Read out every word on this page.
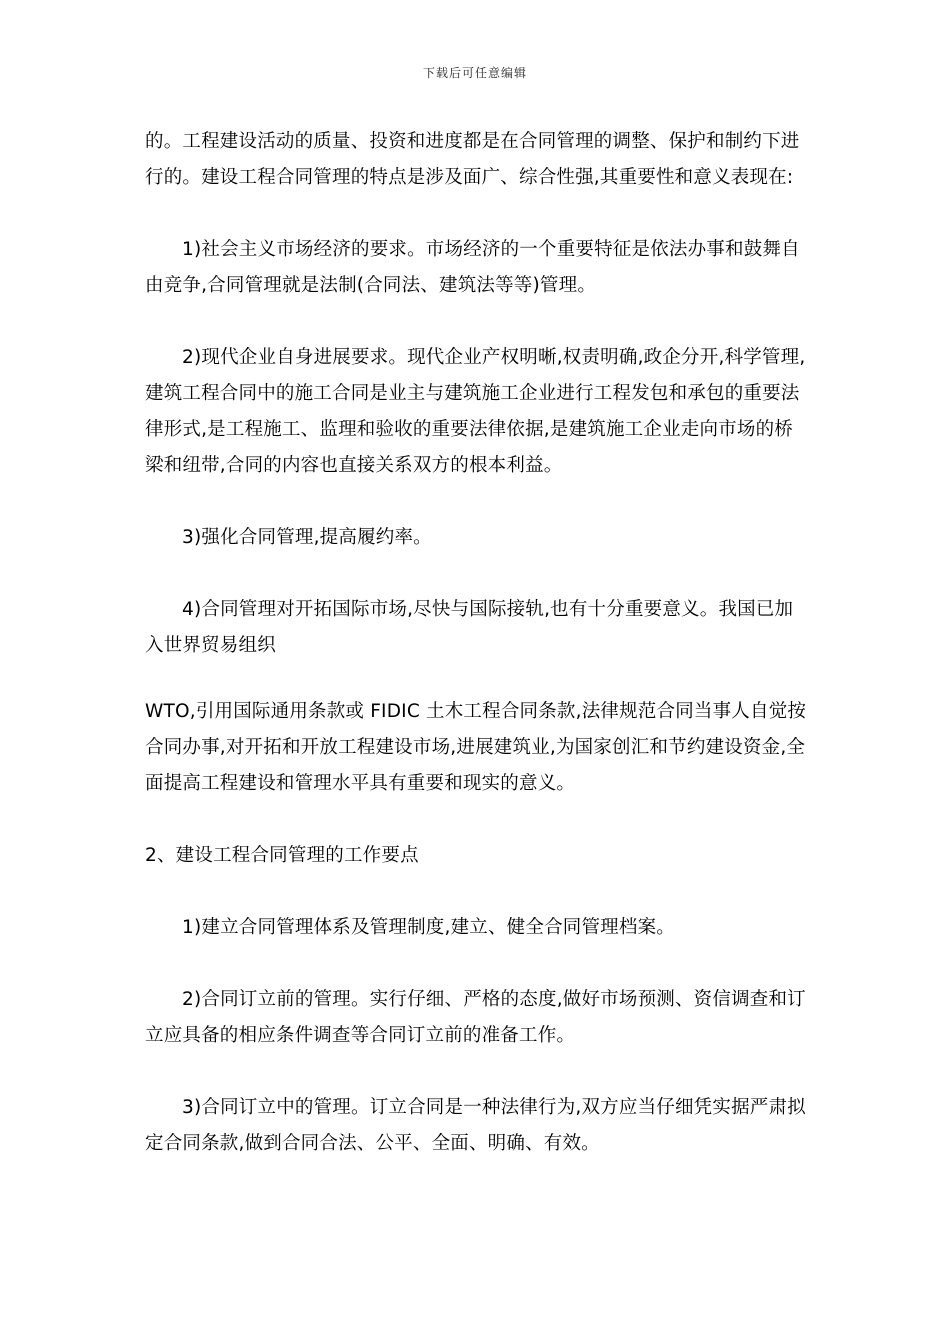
下载后可任意编辑

的。工程建设活动的质量、投资和进度都是在合同管理的调整、保护和制约下进行的。建设工程合同管理的特点是涉及面广、综合性强,其重要性和意义表现在:

1)社会主义市场经济的要求。市场经济的一个重要特征是依法办事和鼓舞自由竞争,合同管理就是法制(合同法、建筑法等等)管理。

2)现代企业自身进展要求。现代企业产权明晰,权责明确,政企分开,科学管理,建筑工程合同中的施工合同是业主与建筑施工企业进行工程发包和承包的重要法律形式,是工程施工、监理和验收的重要法律依据,是建筑施工企业走向市场的桥梁和纽带,合同的内容也直接关系双方的根本利益。

3)强化合同管理,提高履约率。

4)合同管理对开拓国际市场,尽快与国际接轨,也有十分重要意义。我国已加入世界贸易组织

WTO,引用国际通用条款或 FIDIC 土木工程合同条款,法律规范合同当事人自觉按合同办事,对开拓和开放工程建设市场,进展建筑业,为国家创汇和节约建设资金,全面提高工程建设和管理水平具有重要和现实的意义。

2、建设工程合同管理的工作要点

1)建立合同管理体系及管理制度,建立、健全合同管理档案。

2)合同订立前的管理。实行仔细、严格的态度,做好市场预测、资信调查和订立应具备的相应条件调查等合同订立前的准备工作。

3)合同订立中的管理。订立合同是一种法律行为,双方应当仔细凭实据严肃拟定合同条款,做到合同合法、公平、全面、明确、有效。
